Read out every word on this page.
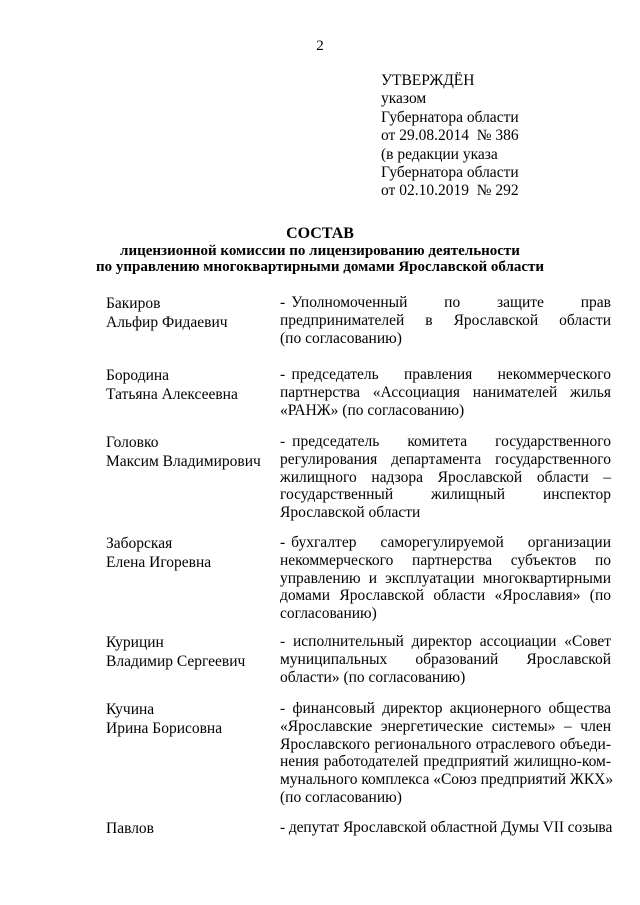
2
УТВЕРЖДЁН
указом
Губернатора области
от 29.08.2014  № 386
(в редакции указа
Губернатора области
от 02.10.2019  № 292
СОСТАВ
лицензионной комиссии по лицензированию деятельности
по управлению многоквартирными домами Ярославской области
Бакиров
Альфир Фидаевич
- Уполномоченный      по      защите      прав
предпринимателей    в    Ярославской    области
(по согласованию)
Бородина
Татьяна Алексеевна
- председатель    правления    некоммерческого
партнерства «Ассоциация нанимателей жилья
«РАНЖ» (по согласованию)
Головко
Максим Владимирович
- председатель    комитета    государственного
регулирования департамента государственного
жилищного надзора Ярославской области –
государственный    жилищный    инспектор
Ярославской области
Заборская
Елена Игоревна
- бухгалтер    саморегулируемой    организации
некоммерческого  партнерства  субъектов  по
управлению и эксплуатации многоквартирными
домами Ярославской области «Ярославия» (по
согласованию)
Курицин
Владимир Сергеевич
- исполнительный директор ассоциации «Совет
муниципальных    образований    Ярославской
области» (по согласованию)
Кучина
Ирина Борисовна
- финансовый директор акционерного общества
«Ярославские энергетические системы» – член
Ярославского регионального отраслевого объеди-
нения работодателей предприятий жилищно-ком-
мунального комплекса «Союз предприятий ЖКХ»
(по согласованию)
Павлов	- депутат Ярославской областной Думы VII созыва
